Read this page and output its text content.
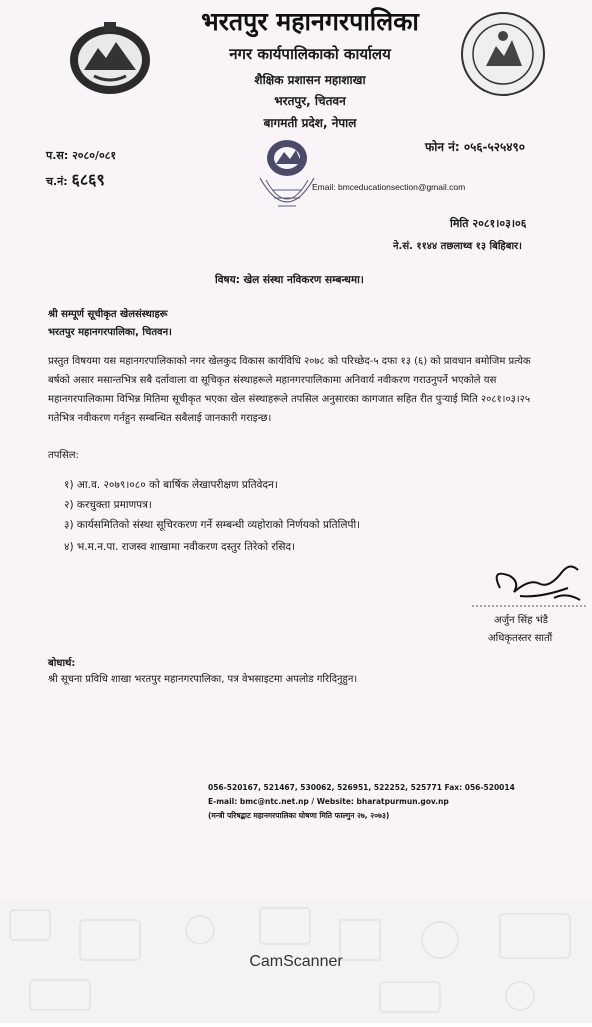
भरतपुर महानगरपालिका
नगर कार्यपालिकाको कार्यालय
शैक्षिक प्रशासन महाशाखा
भरतपुर, चितवन
बागमती प्रदेश, नेपाल
प.स: २०८०/०८१
च.नं: ६८६९
फोन नं: ०५६-५२५४९०
Email: bmceducationsection@gmail.com
मिति २०८१।०३।०६
ने.सं. ११४४ तछलाथ्व १३ बिहिबार।
विषय: खेल संस्था नविकरण सम्बन्धमा।
श्री सम्पूर्ण सूचीकृत खेलसंस्थाहरू
भरतपुर महानगरपालिका, चितवन।
प्रस्तुत विषयमा यस महानगरपालिकाको नगर खेलकुद विकास कार्यविधि २०७८ को परिच्छेद-५ दफा १३ (६) को प्रावधान बमोजिम प्रत्येक बर्षको असार मसान्तभित्र सबै दर्तावाला वा सूचिकृत संस्थाहरूले महानगरपालिकामा अनिवार्य नवीकरण गराउनुपर्ने भएकोले यस महानगरपालिकामा विभिन्न मितिमा सूचीकृत भएका खेल संस्थाहरूले तपसिल अनुसारका कागजात सहित रीत पुऱ्याई मिति २०८१।०३।२५ गतेभित्र नवीकरण गर्नहुन सम्बन्धित सबैलाई जानकारी गराइन्छ।
तपसिल:
१) आ.व. २०७९।०८० को बार्षिक लेखापरीक्षण प्रतिवेदन।
२) करचुक्ता प्रमाणपत्र।
३) कार्यसमितिको संस्था सूचिरकरण गर्ने सम्बन्धी व्यहोराको निर्णयको प्रतिलिपी।
४) भ.म.न.पा. राजस्व शाखामा नवीकरण दस्तुर तिरेको रसिद।
अर्जुन सिंह भंडै
अधिकृतस्तर सातौं
बोधार्थ:
श्री सूचना प्रविधि शाखा भरतपुर महानगरपालिका, पत्र वेभसाइटमा अपलोड गरिदिनुहुन।
056-520167, 521467, 530062, 526951, 522252, 525771 Fax: 056-520014
E-mail: bmc@ntc.net.np / Website: bharatpurmun.gov.np
(मन्त्री परिषद्बाट महानगरपालिका घोषणा मिति फाल्गुन २७, २०७३)
CamScanner
